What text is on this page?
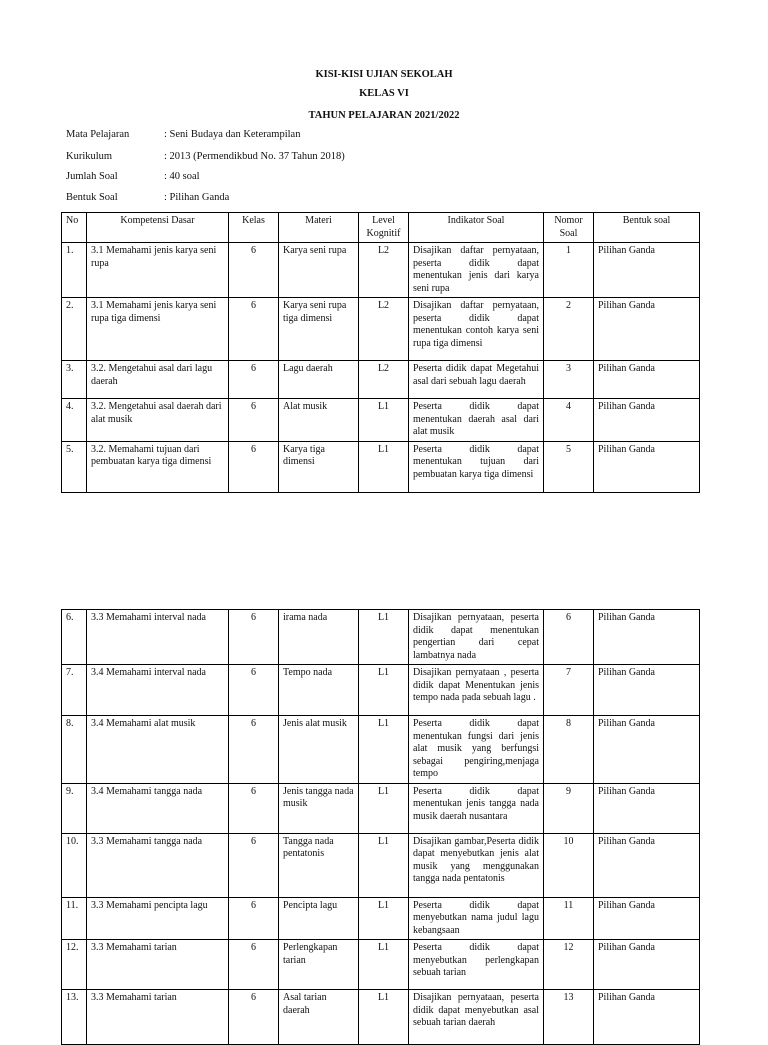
KISI-KISI UJIAN SEKOLAH
KELAS VI
TAHUN PELAJARAN 2021/2022
Mata Pelajaran	: Seni Budaya dan Keterampilan
Kurikulum	: 2013 (Permendikbud No. 37 Tahun 2018)
Jumlah Soal	: 40 soal
Bentuk Soal	: Pilihan Ganda
No	Kompetensi Dasar	Kelas	Materi	Level Kognitif	Indikator Soal	Nomor Soal	Bentuk soal
1.	3.1 Memahami jenis karya seni rupa	6	Karya seni rupa	L2	Disajikan daftar pernyataan, peserta didik dapat menentukan jenis dari karya seni rupa	1	Pilihan Ganda
2.	3.1 Memahami jenis karya seni rupa tiga dimensi	6	Karya seni rupa tiga dimensi	L2	Disajikan daftar pernyataan, peserta didik dapat menentukan contoh karya seni rupa tiga dimensi	2	Pilihan Ganda
3.	3.2. Mengetahui asal dari lagu daerah	6	Lagu daerah	L2	Peserta didik dapat Megetahui asal dari sebuah lagu daerah	3	Pilihan Ganda
4.	3.2. Mengetahui asal daerah dari alat musik	6	Alat musik	L1	Peserta didik dapat menentukan daerah asal dari alat musik	4	Pilihan Ganda
5.	3.2. Memahami tujuan dari pembuatan karya tiga dimensi	6	Karya tiga dimensi	L1	Peserta didik dapat menentukan tujuan dari pembuatan karya tiga dimensi	5	Pilihan Ganda
6.	3.3 Memahami interval nada	6	irama nada	L1	Disajikan pernyataan, peserta didik dapat menentukan pengertian dari cepat lambatnya nada	6	Pilihan Ganda
7.	3.4 Memahami interval nada	6	Tempo nada	L1	Disajikan pernyataan , peserta didik dapat Menentukan jenis tempo nada pada sebuah lagu .	7	Pilihan Ganda
8.	3.4 Memahami alat musik	6	Jenis alat musik	L1	Peserta didik dapat menentukan fungsi dari jenis alat musik yang berfungsi sebagai pengiring,menjaga tempo	8	Pilihan Ganda
9.	3.4 Memahami tangga nada	6	Jenis tangga nada musik	L1	Peserta didik dapat menentukan jenis tangga nada musik daerah nusantara	9	Pilihan Ganda
10.	3.3 Memahami tangga nada	6	Tangga nada pentatonis	L1	Disajikan gambar,Peserta didik dapat menyebutkan jenis alat musik yang menggunakan tangga nada pentatonis	10	Pilihan Ganda
11.	3.3 Memahami pencipta lagu	6	Pencipta lagu	L1	Peserta didik dapat menyebutkan nama judul lagu kebangsaan	11	Pilihan Ganda
12.	3.3 Memahami tarian	6	Perlengkapan tarian	L1	Peserta didik dapat menyebutkan perlengkapan sebuah tarian	12	Pilihan Ganda
13.	3.3 Memahami tarian	6	Asal tarian daerah	L1	Disajikan pernyataan, peserta didik dapat menyebutkan asal sebuah tarian daerah	13	Pilihan Ganda
